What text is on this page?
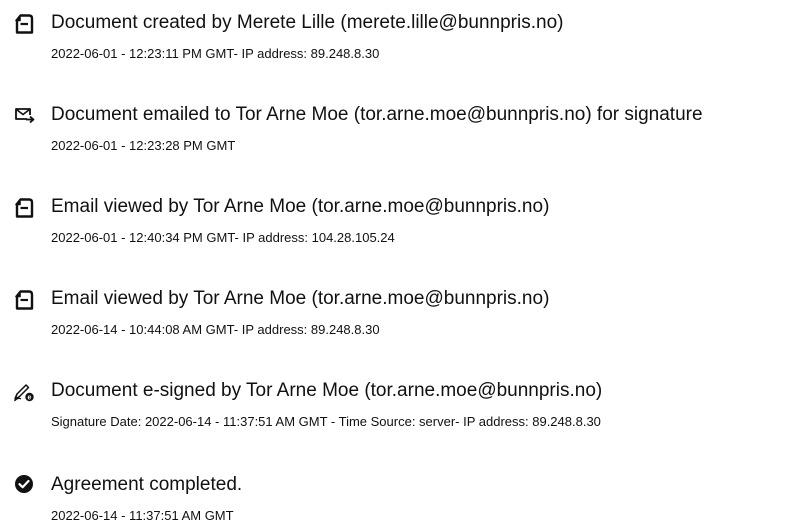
Document created by Merete Lille (merete.lille@bunnpris.no)
2022-06-01 - 12:23:11 PM GMT- IP address: 89.248.8.30
Document emailed to Tor Arne Moe (tor.arne.moe@bunnpris.no) for signature
2022-06-01 - 12:23:28 PM GMT
Email viewed by Tor Arne Moe (tor.arne.moe@bunnpris.no)
2022-06-01 - 12:40:34 PM GMT- IP address: 104.28.105.24
Email viewed by Tor Arne Moe (tor.arne.moe@bunnpris.no)
2022-06-14 - 10:44:08 AM GMT- IP address: 89.248.8.30
e Document e-signed by Tor Arne Moe (tor.arne.moe@bunnpris.no)
Signature Date: 2022-06-14 - 11:37:51 AM GMT - Time Source: server- IP address: 89.248.8.30
Agreement completed.
2022-06-14 - 11:37:51 AM GMT
